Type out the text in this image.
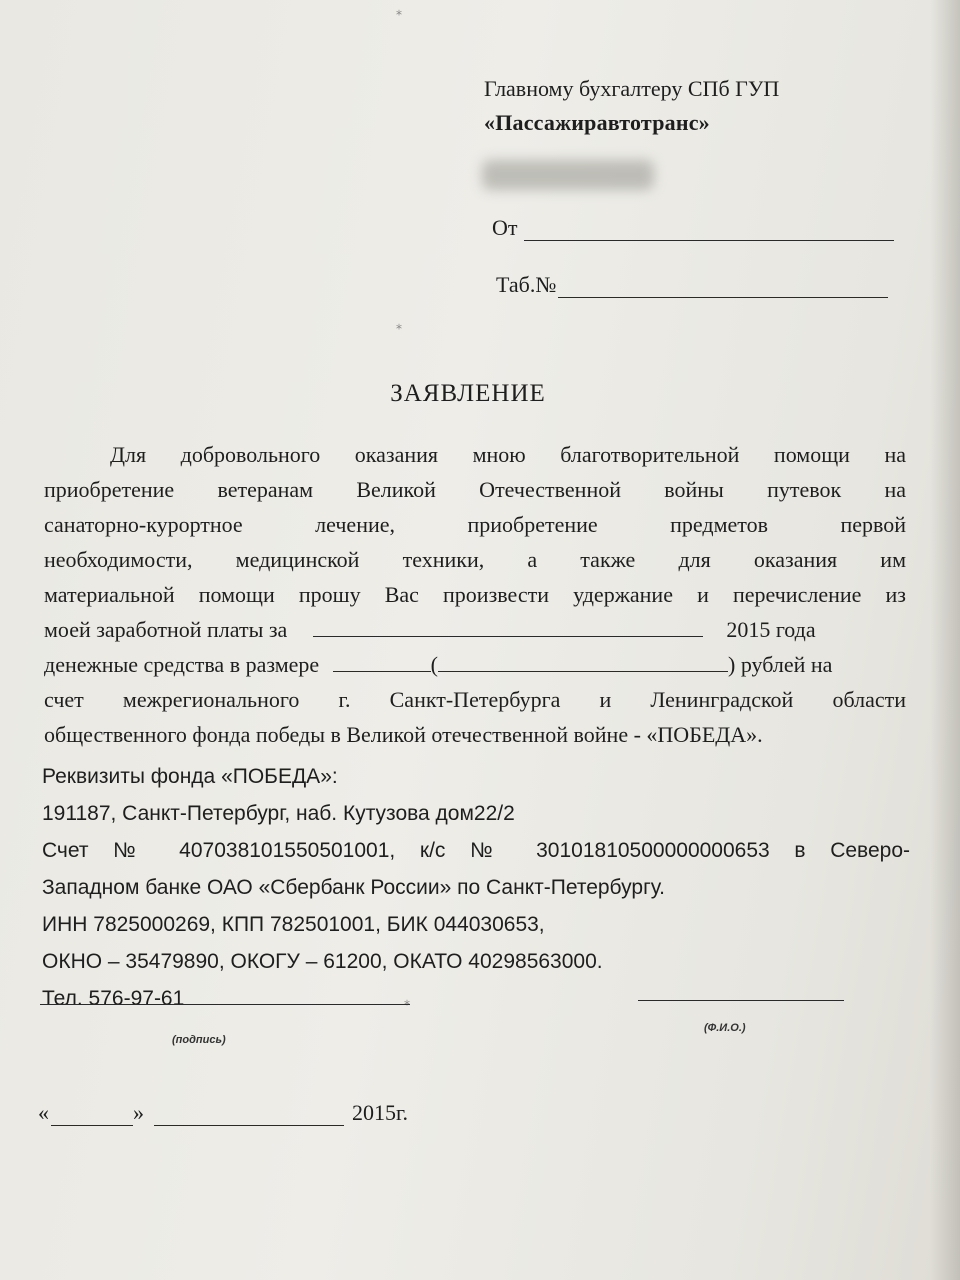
⁎
⁎
Главному бухгалтеру СПб ГУП
«Пассажиравтотранс»
От
Таб.№
ЗАЯВЛЕНИЕ
Для добровольного оказания мною благотворительной помощи на
приобретение ветеранам Великой Отечественной войны путевок на
санаторно-курортное лечение, приобретение предметов первой
необходимости, медицинской техники, а также для оказания им
материальной помощи прошу Вас произвести удержание и перечисление из
моей заработной платы за	2015 года
денежные средства в размере	(	) рублей на
счет межрегионального г. Санкт-Петербурга и Ленинградской области
общественного фонда победы в Великой отечественной войне - «ПОБЕДА».
Реквизиты фонда «ПОБЕДА»:
191187, Санкт-Петербург, наб. Кутузова дом22/2
Счет № 40703810155050100​1, к/с № 30101810500000000653 в Северо-
Западном банке ОАО «Сбербанк России» по Санкт-Петербургу.
ИНН 7825000269, КПП 782501001, БИК 044030653,
ОКНО – 35479890, ОКОГУ – 61200, ОКАТО 40298563000.
Тел. 576-97-61	⁎
(подпись)
(Ф.И.О.)
«	»	2015г.
